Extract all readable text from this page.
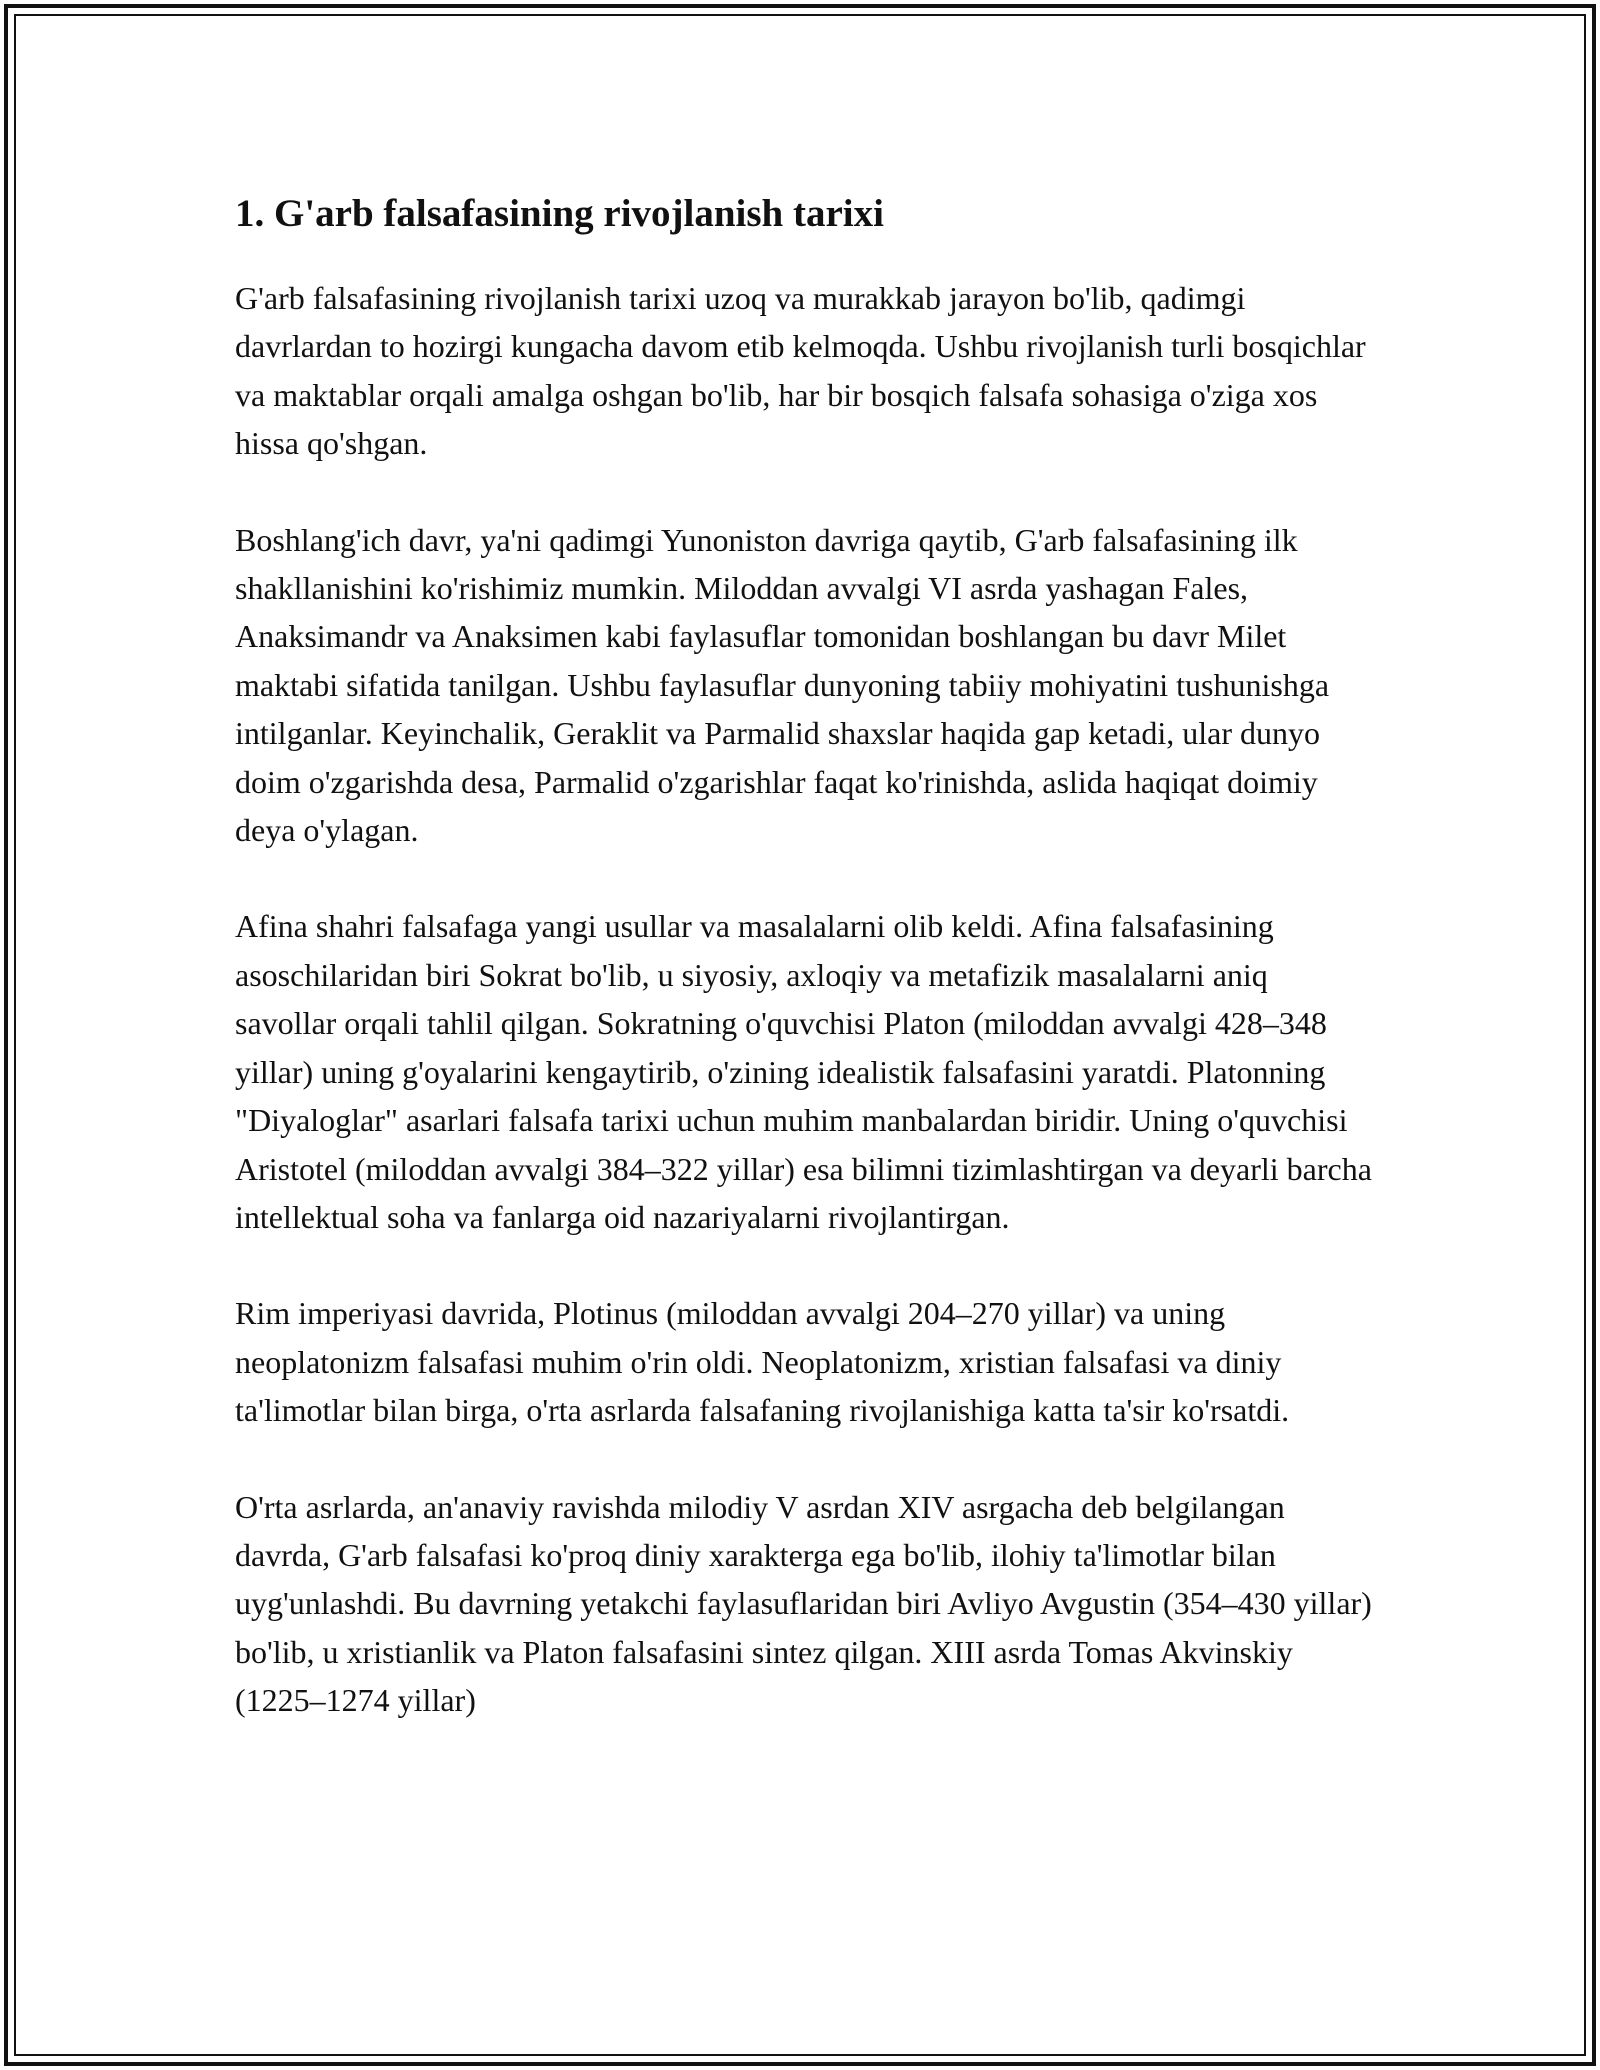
1. G'arb falsafasining rivojlanish tarixi

G'arb falsafasining rivojlanish tarixi uzoq va murakkab jarayon bo'lib, qadimgi davrlardan to hozirgi kungacha davom etib kelmoqda. Ushbu rivojlanish turli bosqichlar va maktablar orqali amalga oshgan bo'lib, har bir bosqich falsafa sohasiga o'ziga xos hissa qo'shgan.

Boshlang'ich davr, ya'ni qadimgi Yunoniston davriga qaytib, G'arb falsafasining ilk shakllanishini ko'rishimiz mumkin. Miloddan avvalgi VI asrda yashagan Fales, Anaksimandr va Anaksimen kabi faylasuflar tomonidan boshlangan bu davr Milet maktabi sifatida tanilgan. Ushbu faylasuflar dunyoning tabiiy mohiyatini tushunishga intilganlar. Keyinchalik, Geraklit va Parmalid shaxslar haqida gap ketadi, ular dunyo doim o'zgarishda desa, Parmalid o'zgarishlar faqat ko'rinishda, aslida haqiqat doimiy deya o'ylagan.

Afina shahri falsafaga yangi usullar va masalalarni olib keldi. Afina falsafasining asoschilaridan biri Sokrat bo'lib, u siyosiy, axloqiy va metafizik masalalarni aniq savollar orqali tahlil qilgan. Sokratning o'quvchisi Platon (miloddan avvalgi 428–348 yillar) uning g'oyalarini kengaytirib, o'zining idealistik falsafasini yaratdi. Platonning "Diyaloglar" asarlari falsafa tarixi uchun muhim manbalardan biridir. Uning o'quvchisi Aristotel (miloddan avvalgi 384–322 yillar) esa bilimni tizimlashtirgan va deyarli barcha intellektual soha va fanlarga oid nazariyalarni rivojlantirgan.

Rim imperiyasi davrida, Plotinus (miloddan avvalgi 204–270 yillar) va uning neoplatonizm falsafasi muhim o'rin oldi. Neoplatonizm, xristian falsafasi va diniy ta'limotlar bilan birga, o'rta asrlarda falsafaning rivojlanishiga katta ta'sir ko'rsatdi.

O'rta asrlarda, an'anaviy ravishda milodiy V asrdan XIV asrgacha deb belgilangan davrda, G'arb falsafasi ko'proq diniy xarakterga ega bo'lib, ilohiy ta'limotlar bilan uyg'unlashdi. Bu davrning yetakchi faylasuflaridan biri Avliyo Avgustin (354–430 yillar) bo'lib, u xristianlik va Platon falsafasini sintez qilgan. XIII asrda Tomas Akvinskiy (1225–1274 yillar)
